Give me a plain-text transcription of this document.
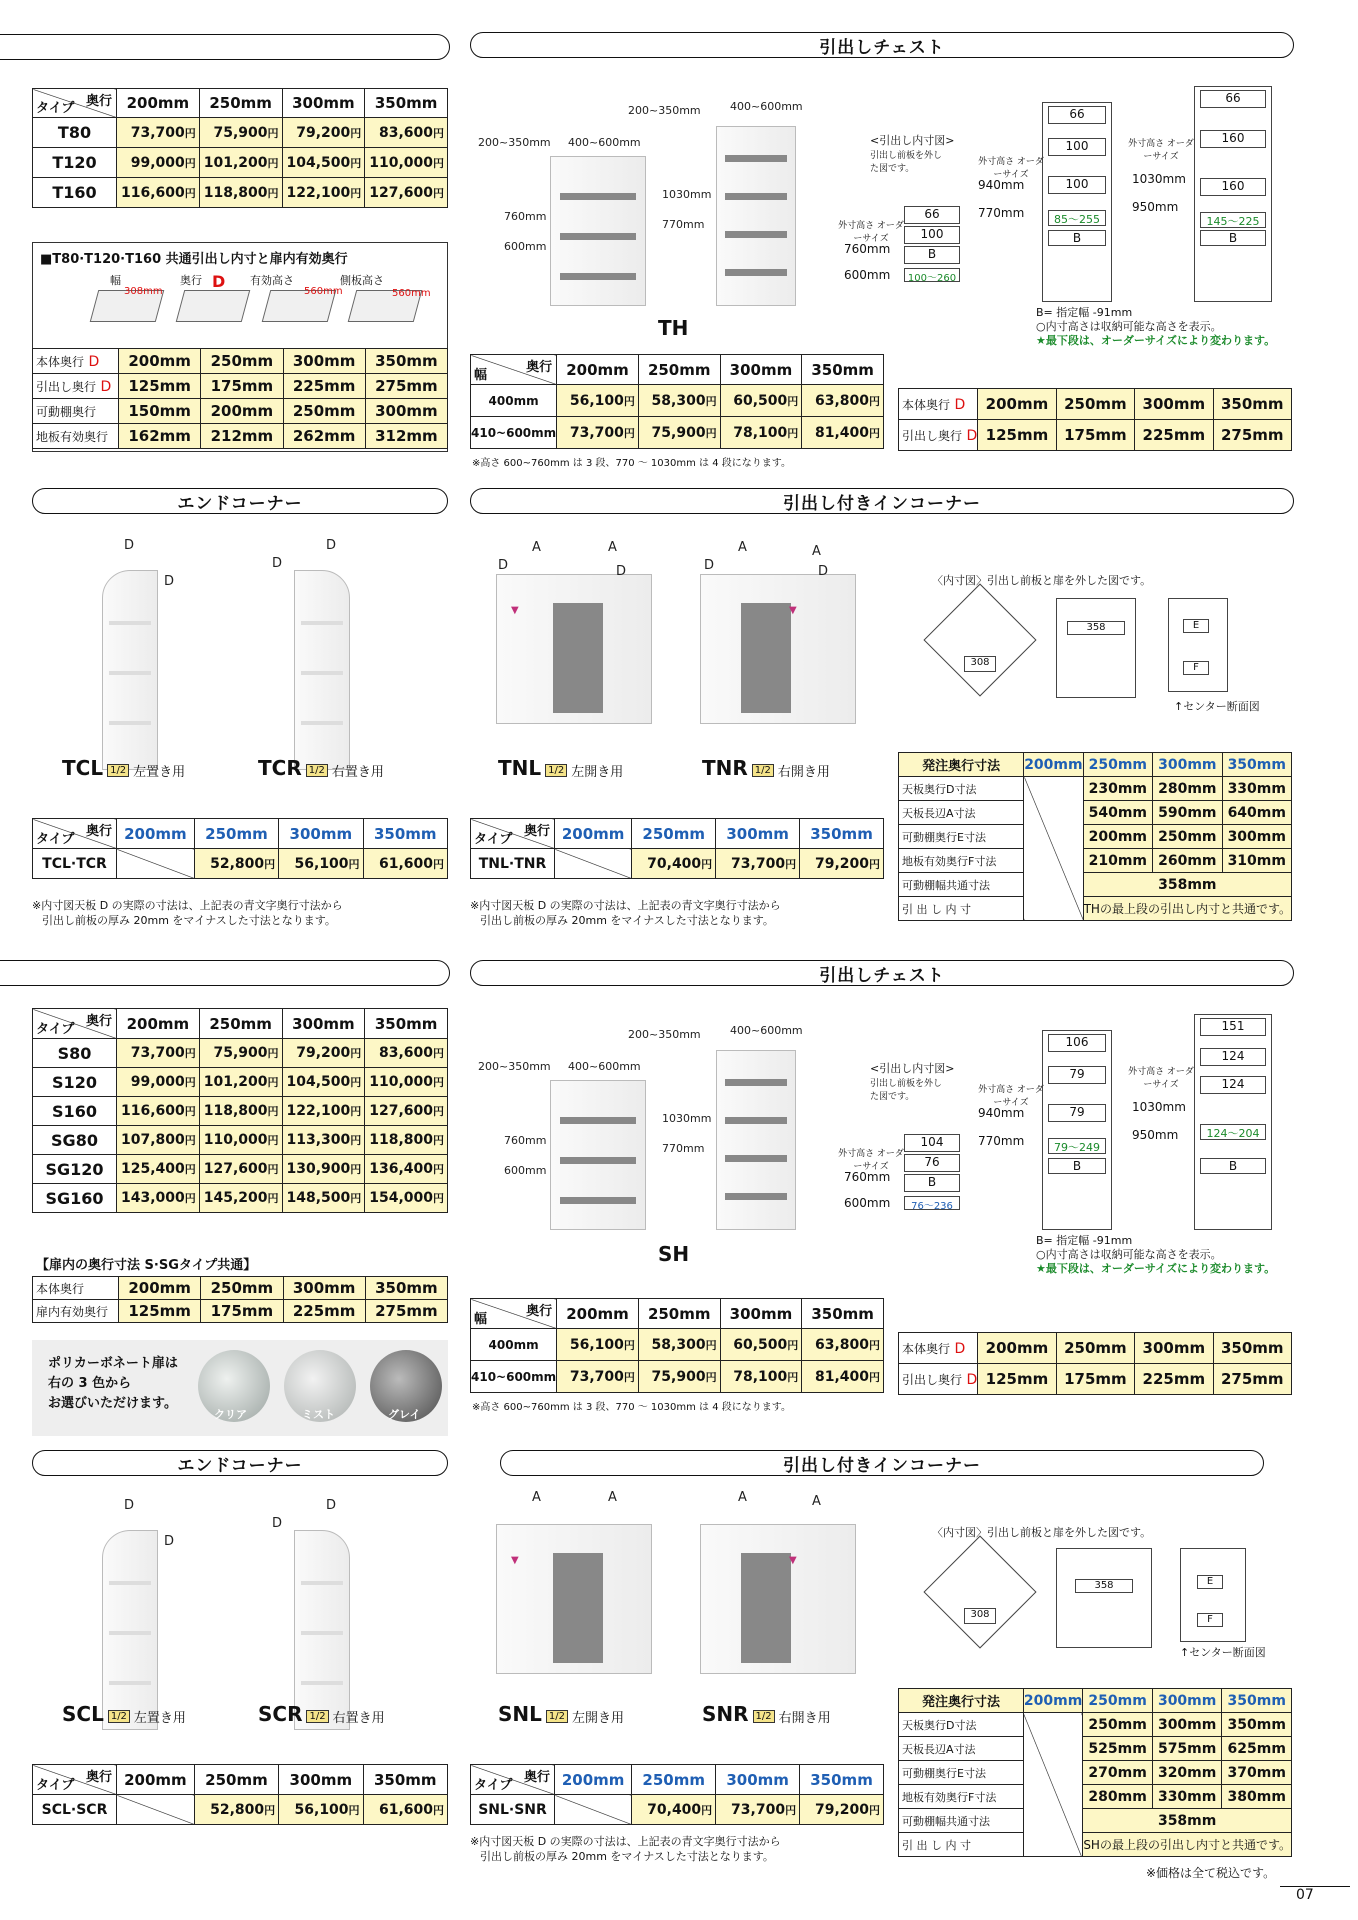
引出しチェスト
奥行
タイプ	200mm	250mm	300mm	350mm
T80	73,700円	75,900円	79,200円	83,600円
T120	99,000円	101,200円	104,500円	110,000円
T160	116,600円	118,800円	122,100円	127,600円
■T80·T120·T160 共通引出し内寸と扉内有効奥行
幅	奥行	有効高さ	側板高さ
308mm
D
560mm	560mm
本体奥行 D	200mm	250mm	300mm	350mm
引出し奥行 D	125mm	175mm	225mm	275mm
可動棚奥行	150mm	200mm	250mm	300mm
地板有効奥行	162mm	212mm	262mm	312mm
200~350mm 400~600mm
200~350mm	400~600mm
760mm
600mm
1030mm
770mm
TH
<引出し内寸図>
引出し前板を外した図です。
外寸高さ オーダーサイズ
760mm
600mm
66
100
B
100～260
外寸高さ オーダーサイズ
940mm
770mm
66
100
100
85～255
B
外寸高さ オーダーサイズ
1030mm
950mm
66
160
160
145～225
B
B= 指定幅 -91mm
○内寸高さは収納可能な高さを表示。
★最下段は、オーダーサイズにより変わります。
奥行
幅	200mm	250mm	300mm	350mm
400mm	56,100円	58,300円	60,500円	63,800円
410~600mm	73,700円	75,900円	78,100円	81,400円
※高さ 600~760mm は 3 段、770 ～ 1030mm は 4 段になります。
本体奥行 D	200mm	250mm	300mm	350mm
引出し奥行 D	125mm	175mm	225mm	275mm
エンドコーナー	引出し付きインコーナー
D
D
D
D
TCL 1/2 左置き用	TCR 1/2 右置き用
▼	▼
A	A
D	D
A	A
D	D
TNL 1/2 左開き用	TNR 1/2 右開き用
〈内寸図〉引出し前板と扉を外した図です。
308
358	E
F
↑センター断面図
奥行
タイプ	200mm	250mm	300mm	350mm
TCL·TCR		52,800円	56,100円	61,600円
奥行
タイプ	200mm	250mm	300mm	350mm
TNL·TNR		70,400円	73,700円	79,200円
※内寸図天板 D の実際の寸法は、上記表の青文字奥行寸法から
引出し前板の厚み 20mm をマイナスした寸法となります。
※内寸図天板 D の実際の寸法は、上記表の青文字奥行寸法から
引出し前板の厚み 20mm をマイナスした寸法となります。
発注奥行寸法	200mm	250mm	300mm	350mm
天板奥行D寸法		230mm	280mm	330mm
天板長辺A寸法		540mm	590mm	640mm
可動棚奥行E寸法		200mm	250mm	300mm
地板有効奥行F寸法		210mm	260mm	310mm
可動棚幅共通寸法		358mm		
引 出 し 内 寸		THの最上段の引出し内寸と共通です。		
引出しチェスト
奥行
タイプ	200mm	250mm	300mm	350mm
S80	73,700円	75,900円	79,200円	83,600円
S120	99,000円	101,200円	104,500円	110,000円
S160	116,600円	118,800円	122,100円	127,600円
SG80	107,800円	110,000円	113,300円	118,800円
SG120	125,400円	127,600円	130,900円	136,400円
SG160	143,000円	145,200円	148,500円	154,000円
【扉内の奥行寸法 S·SGタイプ共通】
本体奥行	200mm	250mm	300mm	350mm
扉内有効奥行	125mm	175mm	225mm	275mm
ポリカーボネート扉は
右の 3 色から
お選びいただけます。
クリア	ミスト	グレイ
200~350mm 400~600mm
200~350mm	400~600mm
760mm
600mm
1030mm
770mm
SH
<引出し内寸図>
引出し前板を外した図です。
外寸高さ オーダーサイズ
760mm
600mm
104
76
B
76～236
外寸高さ オーダーサイズ
940mm
770mm
106
79
79
79～249
B
外寸高さ オーダーサイズ
1030mm
950mm
151
124
124
124～204
B
B= 指定幅 -91mm
○内寸高さは収納可能な高さを表示。
★最下段は、オーダーサイズにより変わります。
奥行
幅	200mm	250mm	300mm	350mm
400mm	56,100円	58,300円	60,500円	63,800円
410~600mm	73,700円	75,900円	78,100円	81,400円
※高さ 600~760mm は 3 段、770 ～ 1030mm は 4 段になります。
本体奥行 D	200mm	250mm	300mm	350mm
引出し奥行 D	125mm	175mm	225mm	275mm
エンドコーナー	引出し付きインコーナー
D
D
D
D
SCL 1/2 左置き用	SCR 1/2 右置き用
▼	▼
A	A	A	A
SNL 1/2 左開き用	SNR 1/2 右開き用
〈内寸図〉引出し前板と扉を外した図です。
308
358	E
F
↑センター断面図
奥行
タイプ	200mm	250mm	300mm	350mm
SCL·SCR		52,800円	56,100円	61,600円
奥行
タイプ	200mm	250mm	300mm	350mm
SNL·SNR		70,400円	73,700円	79,200円
※内寸図天板 D の実際の寸法は、上記表の青文字奥行寸法から
引出し前板の厚み 20mm をマイナスした寸法となります。
発注奥行寸法	200mm	250mm	300mm	350mm
天板奥行D寸法		250mm	300mm	350mm
天板長辺A寸法		525mm	575mm	625mm
可動棚奥行E寸法		270mm	320mm	370mm
地板有効奥行F寸法		280mm	330mm	380mm
可動棚幅共通寸法		358mm		
引 出 し 内 寸		SHの最上段の引出し内寸と共通です。		
※価格は全て税込です。
07
